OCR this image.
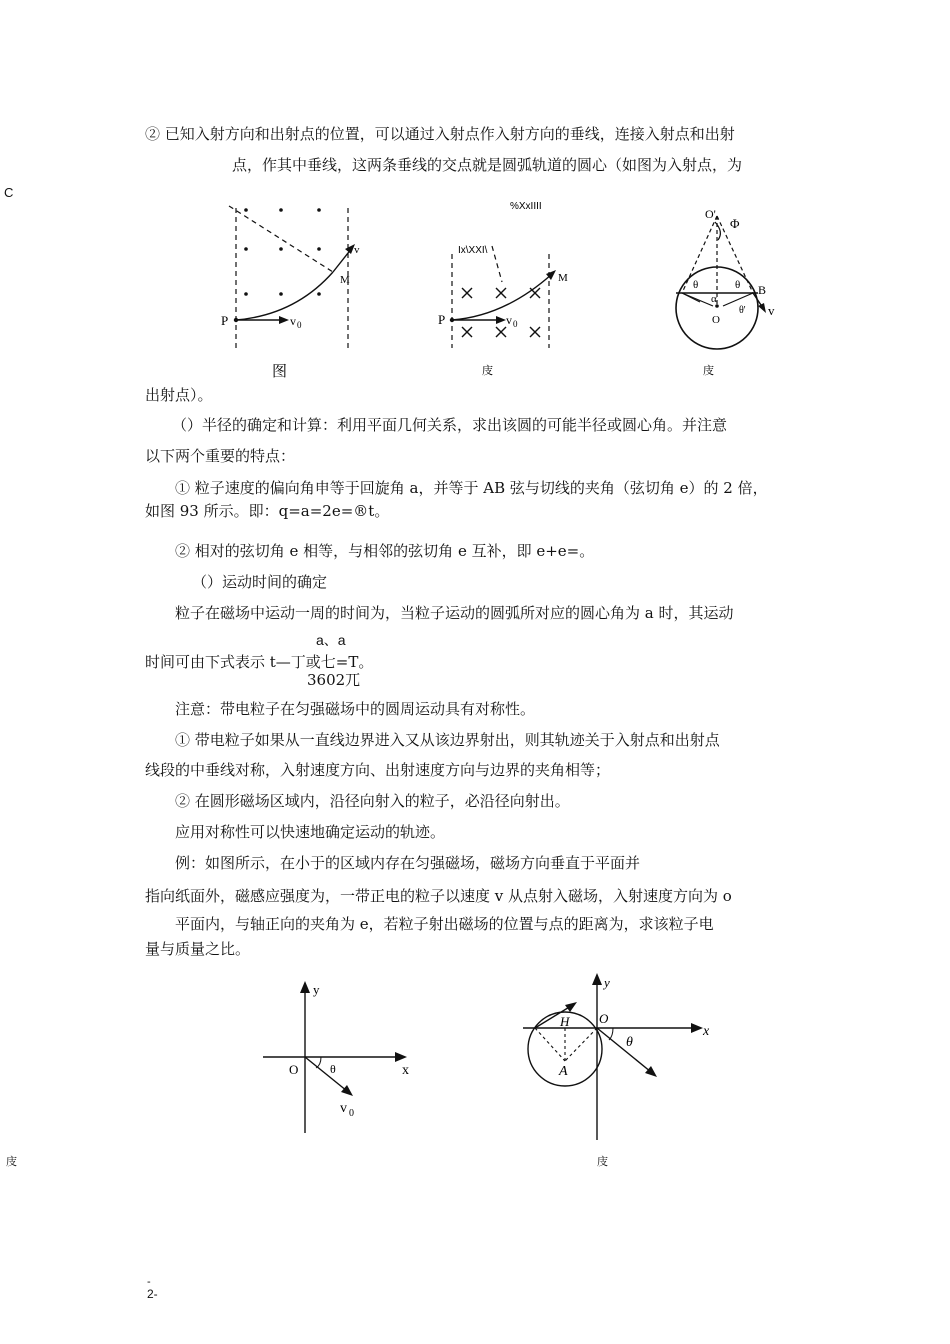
② 已知入射方向和出射点的位置，可以通过入射点作入射方向的垂线，连接入射点和出射
点，作其中垂线，这两条垂线的交点就是圆弧轨道的圆心（如图为入射点，为
C
P
M
v
v 0
图
%XxIIII
Ix\XXI\
P
M
v 0
庋
O'
Φ
θ	θ B
v
α
O
θ'
庋
出射点）。
（）半径的确定和计算：利用平面几何关系，求出该圆的可能半径或圆心角。并注意
以下两个重要的特点：
① 粒子速度的偏向角申等于回旋角 a，并等于 AB 弦与切线的夹角（弦切角 e）的 2 倍，
如图 93 所示。即：q=a=2e=®t。
② 相对的弦切角 e 相等，与相邻的弦切角 e 互补，即 e+e=。
（）运动时间的确定
粒子在磁场中运动一周的时间为，当粒子运动的圆弧所对应的圆心角为 a 时，其运动
a、a
时间可由下式表示 t—丁或七=T。
3602兀
注意：带电粒子在匀强磁场中的圆周运动具有对称性。
① 带电粒子如果从一直线边界进入又从该边界射出，则其轨迹关于入射点和出射点
线段的中垂线对称，入射速度方向、出射速度方向与边界的夹角相等；
② 在圆形磁场区域内，沿径向射入的粒子，必沿径向射出。
应用对称性可以快速地确定运动的轨迹。
例：如图所示，在小于的区域内存在匀强磁场，磁场方向垂直于平面并
指向纸面外，磁感应强度为，一带正电的粒子以速度 v 从点射入磁场，入射速度方向为 o
平面内，与轴正向的夹角为 e，若粒子射出磁场的位置与点的距离为，求该粒子电
量与质量之比。
y
x
O	θ
v 0
y
x
O
H
A
θ
庋	庋
-
2-
